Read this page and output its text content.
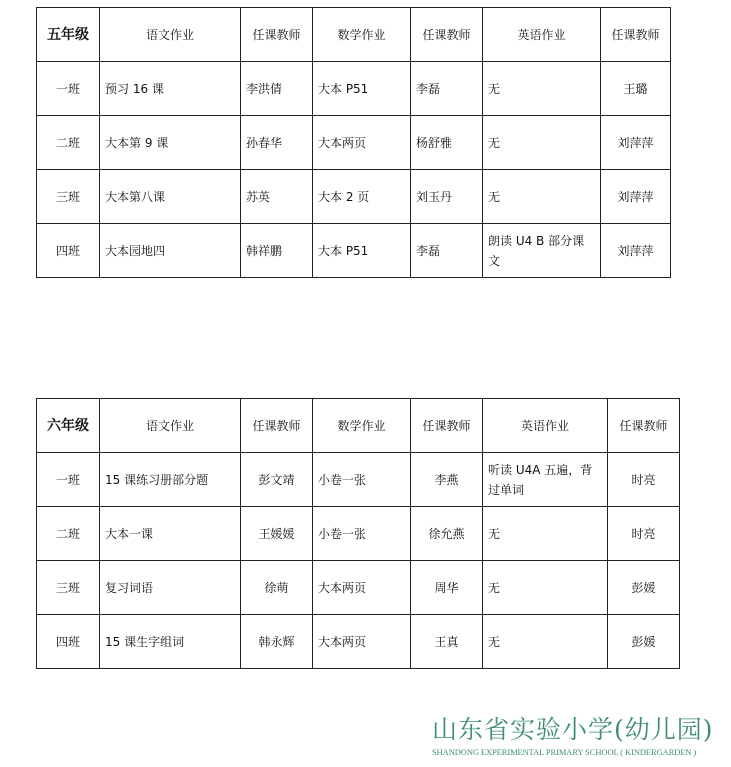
五年级	语文作业	任课教师	数学作业	任课教师	英语作业	任课教师
一班	预习 16 课	李洪倩	大本 P51	李磊	无	王璐
二班	大本第 9 课	孙春华	大本两页	杨舒雅	无	刘萍萍
三班	大本第八课	苏英	大本 2 页	刘玉丹	无	刘萍萍
四班	大本园地四	韩祥鹏	大本 P51	李磊	朗读 U4 B 部分课文	刘萍萍
六年级	语文作业	任课教师	数学作业	任课教师	英语作业	任课教师
一班	15 课练习册部分题	彭文靖	小卷一张	李燕	听读 U4A 五遍，背过单词	时亮
二班	大本一课	王媛媛	小卷一张	徐允燕	无	时亮
三班	复习词语	徐萌	大本两页	周华	无	彭媛
四班	15 课生字组词	韩永辉	大本两页	王真	无	彭媛
山东省实验小学(幼儿园)
SHANDONG EXPERIMENTAL PRIMARY SCHOOL ( KINDERGARDEN )
